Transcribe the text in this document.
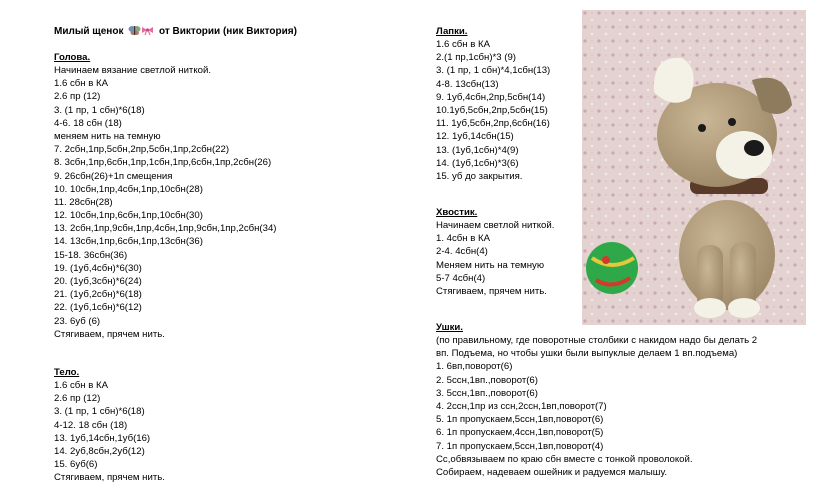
Милый щенок	от Виктории (ник Виктория)
Голова.
Начинаем вязание светлой ниткой.
1.6 сбн в КА
2.6 пр (12)
3. (1 пр, 1 сбн)*6(18)
4-6. 18 сбн (18)
меняем нить на темную
7. 2сбн,1пр,5сбн,2пр,5сбн,1пр,2сбн(22)
8. 3сбн,1пр,6сбн,1пр,1сбн,1пр,6сбн,1пр,2сбн(26)
9. 26сбн(26)+1п смещения
10. 10сбн,1пр,4сбн,1пр,10сбн(28)
11. 28сбн(28)
12. 10сбн,1пр,6сбн,1пр,10сбн(30)
13. 2сбн,1пр,9сбн,1пр,4сбн,1пр,9сбн,1пр,2сбн(34)
14. 13сбн,1пр,6сбн,1пр,13сбн(36)
15-18. 36сбн(36)
19. (1уб,4сбн)*6(30)
20. (1уб,3сбн)*6(24)
21. (1уб,2сбн)*6(18)
22. (1уб,1сбн)*6(12)
23. 6уб (6)
Стягиваем, прячем нить.
Тело.
1.6 сбн в КА
2.6 пр (12)
3. (1 пр, 1 сбн)*6(18)
4-12. 18 сбн (18)
13. 1уб,14сбн,1уб(16)
14. 2уб,8сбн,2уб(12)
15. 6уб(6)
Стягиваем, прячем нить.
Лапки.
1.6 сбн в КА
2.(1 пр,1сбн)*3 (9)
3. (1 пр, 1 сбн)*4,1сбн(13)
4-8. 13сбн(13)
9. 1уб,4сбн,2пр,5сбн(14)
10.1уб,5сбн,2пр,5сбн(15)
11. 1уб,5сбн,2пр,6сбн(16)
12. 1уб,14сбн(15)
13. (1уб,1сбн)*4(9)
14. (1уб,1сбн)*3(6)
15. уб до закрытия.
Хвостик.
Начинаем светлой ниткой.
1. 4сбн в КА
2-4. 4сбн(4)
Меняем нить на темную
5-7 4сбн(4)
Стягиваем, прячем нить.
Ушки.
(по правильному, где поворотные столбики с накидом надо бы делать 2
вп. Подъема, но чтобы ушки были выпуклые делаем 1 вп.подъема)
1. 6вп,поворот(6)
2. 5ссн,1вп.,поворот(6)
3. 5ссн,1вп.,поворот(6)
4. 2ссн,1пр из ссн,2ссн,1вп,поворот(7)
5. 1п пропускаем,5ссн,1вп,поворот(6)
6. 1п пропускаем,4ссн,1вп,поворот(5)
7. 1п пропускаем,5ссн,1вп,поворот(4)
Сс,обвязываем по краю сбн вместе с тонкой проволокой.
Собираем, надеваем ошейник и радуемся малышу.
